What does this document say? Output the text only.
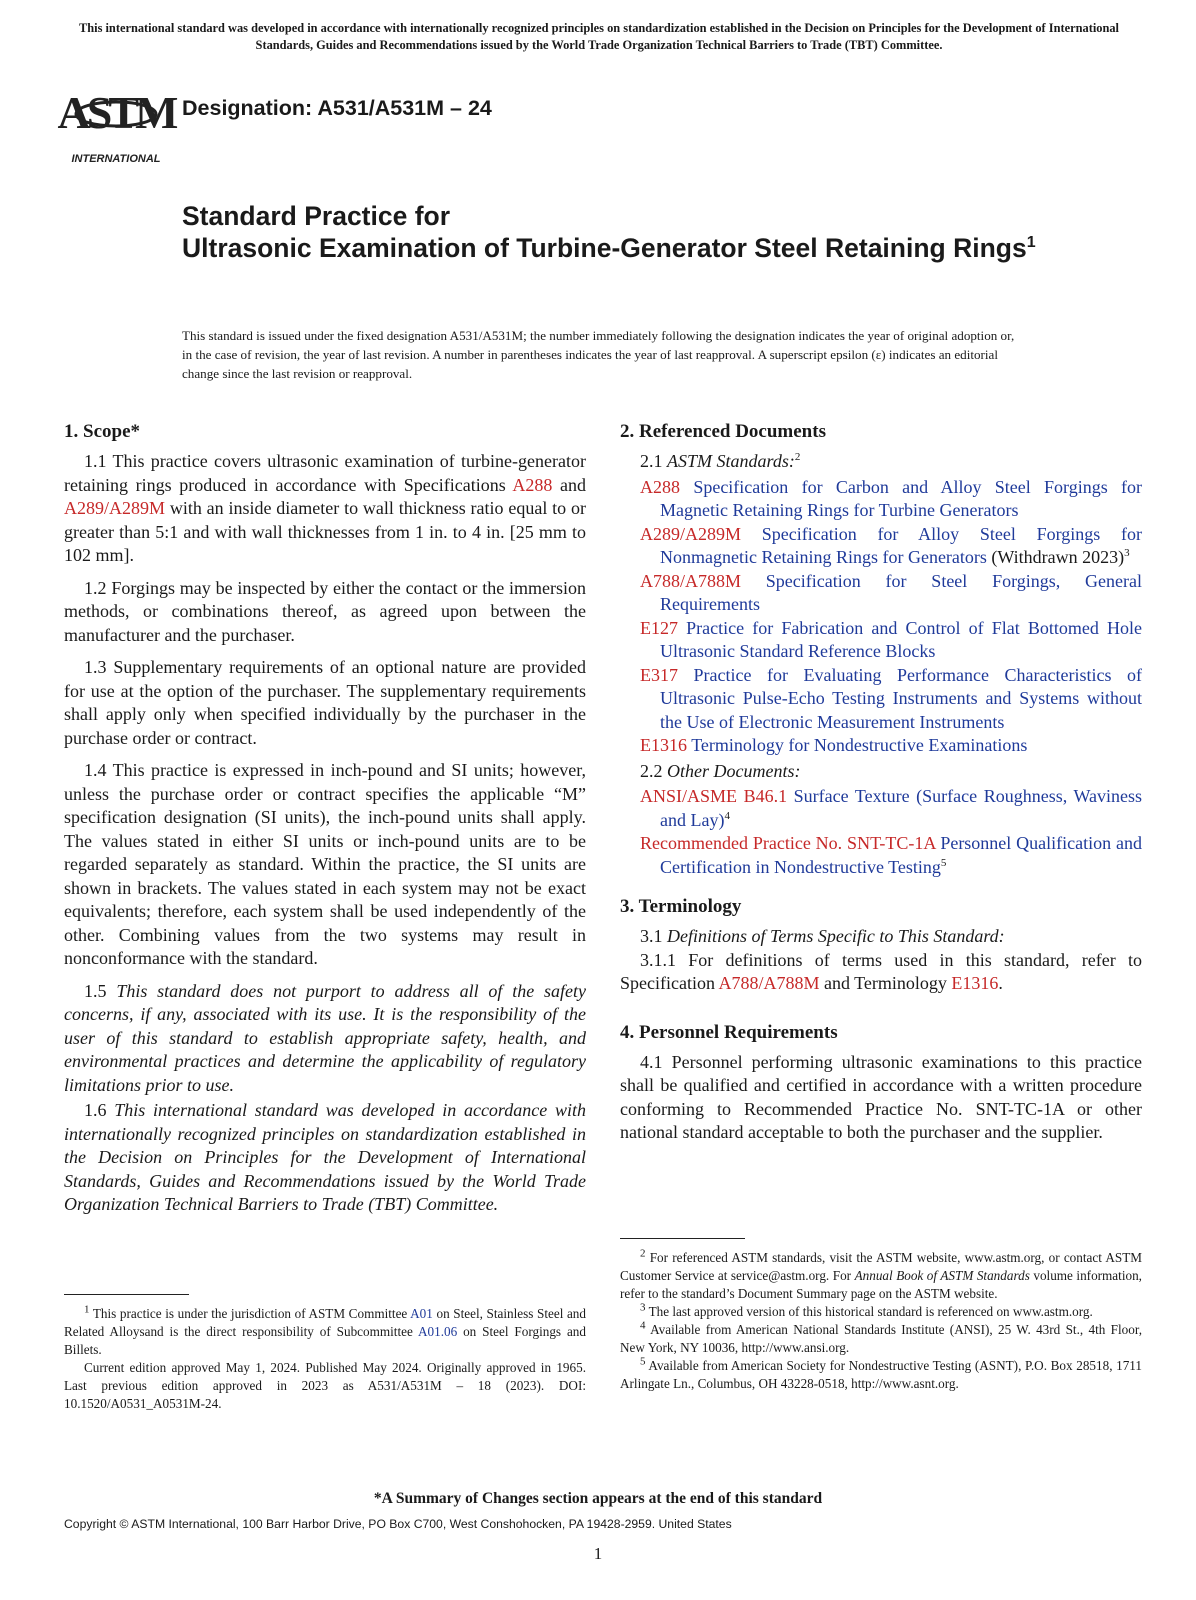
This international standard was developed in accordance with internationally recognized principles on standardization established in the Decision on Principles for the Development of International Standards, Guides and Recommendations issued by the World Trade Organization Technical Barriers to Trade (TBT) Committee.
ASTM
INTERNATIONAL
Designation: A531/A531M – 24
Standard Practice for
Ultrasonic Examination of Turbine-Generator Steel Retaining Rings$^1$
This standard is issued under the fixed designation A531/A531M; the number immediately following the designation indicates the year of original adoption or, in the case of revision, the year of last revision. A number in parentheses indicates the year of last reapproval. A superscript epsilon (ε) indicates an editorial change since the last revision or reapproval.
1. Scope*

1.1 This practice covers ultrasonic examination of turbine-generator retaining rings produced in accordance with Specifications A288 and A289/A289M with an inside diameter to wall thickness ratio equal to or greater than 5:1 and with wall thicknesses from 1 in. to 4 in. [25 mm to 102 mm].

1.2 Forgings may be inspected by either the contact or the immersion methods, or combinations thereof, as agreed upon between the manufacturer and the purchaser.

1.3 Supplementary requirements of an optional nature are provided for use at the option of the purchaser. The supplementary requirements shall apply only when specified individually by the purchaser in the purchase order or contract.

1.4 This practice is expressed in inch-pound and SI units; however, unless the purchase order or contract specifies the applicable “M” specification designation (SI units), the inch-pound units shall apply. The values stated in either SI units or inch-pound units are to be regarded separately as standard. Within the practice, the SI units are shown in brackets. The values stated in each system may not be exact equivalents; therefore, each system shall be used independently of the other. Combining values from the two systems may result in nonconformance with the standard.

1.5 This standard does not purport to address all of the safety concerns, if any, associated with its use. It is the responsibility of the user of this standard to establish appropriate safety, health, and environmental practices and determine the applicability of regulatory limitations prior to use.

1.6 This international standard was developed in accordance with internationally recognized principles on standardization established in the Decision on Principles for the Development of International Standards, Guides and Recommendations issued by the World Trade Organization Technical Barriers to Trade (TBT) Committee.

$^1$ This practice is under the jurisdiction of ASTM Committee A01 on Steel, Stainless Steel and Related Alloysand is the direct responsibility of Subcommittee A01.06 on Steel Forgings and Billets.

Current edition approved May 1, 2024. Published May 2024. Originally approved in 1965. Last previous edition approved in 2023 as A531/A531M – 18 (2023). DOI: 10.1520/A0531_A0531M-24.

2. Referenced Documents
2.1 ASTM Standards:$^2$
A288 Specification for Carbon and Alloy Steel Forgings for Magnetic Retaining Rings for Turbine Generators
A289/A289M Specification for Alloy Steel Forgings for Nonmagnetic Retaining Rings for Generators (Withdrawn 2023)$^3$
A788/A788M Specification for Steel Forgings, General Requirements
E127 Practice for Fabrication and Control of Flat Bottomed Hole Ultrasonic Standard Reference Blocks
E317 Practice for Evaluating Performance Characteristics of Ultrasonic Pulse-Echo Testing Instruments and Systems without the Use of Electronic Measurement Instruments
E1316 Terminology for Nondestructive Examinations
2.2 Other Documents:
ANSI/ASME B46.1 Surface Texture (Surface Roughness, Waviness and Lay)$^4$
Recommended Practice No. SNT-TC-1A Personnel Qualification and Certification in Nondestructive Testing$^5$
3. Terminology
3.1 Definitions of Terms Specific to This Standard:

3.1.1 For definitions of terms used in this standard, refer to Specification A788/A788M and Terminology E1316.

4. Personnel Requirements

4.1 Personnel performing ultrasonic examinations to this practice shall be qualified and certified in accordance with a written procedure conforming to Recommended Practice No. SNT-TC-1A or other national standard acceptable to both the purchaser and the supplier.

$^2$ For referenced ASTM standards, visit the ASTM website, www.astm.org, or contact ASTM Customer Service at service@astm.org. For Annual Book of ASTM Standards volume information, refer to the standard’s Document Summary page on the ASTM website.

$^3$ The last approved version of this historical standard is referenced on www.astm.org.

$^4$ Available from American National Standards Institute (ANSI), 25 W. 43rd St., 4th Floor, New York, NY 10036, http://www.ansi.org.

$^5$ Available from American Society for Nondestructive Testing (ASNT), P.O. Box 28518, 1711 Arlingate Ln., Columbus, OH 43228-0518, http://www.asnt.org.

*A Summary of Changes section appears at the end of this standard
Copyright © ASTM International, 100 Barr Harbor Drive, PO Box C700, West Conshohocken, PA 19428-2959. United States
1
